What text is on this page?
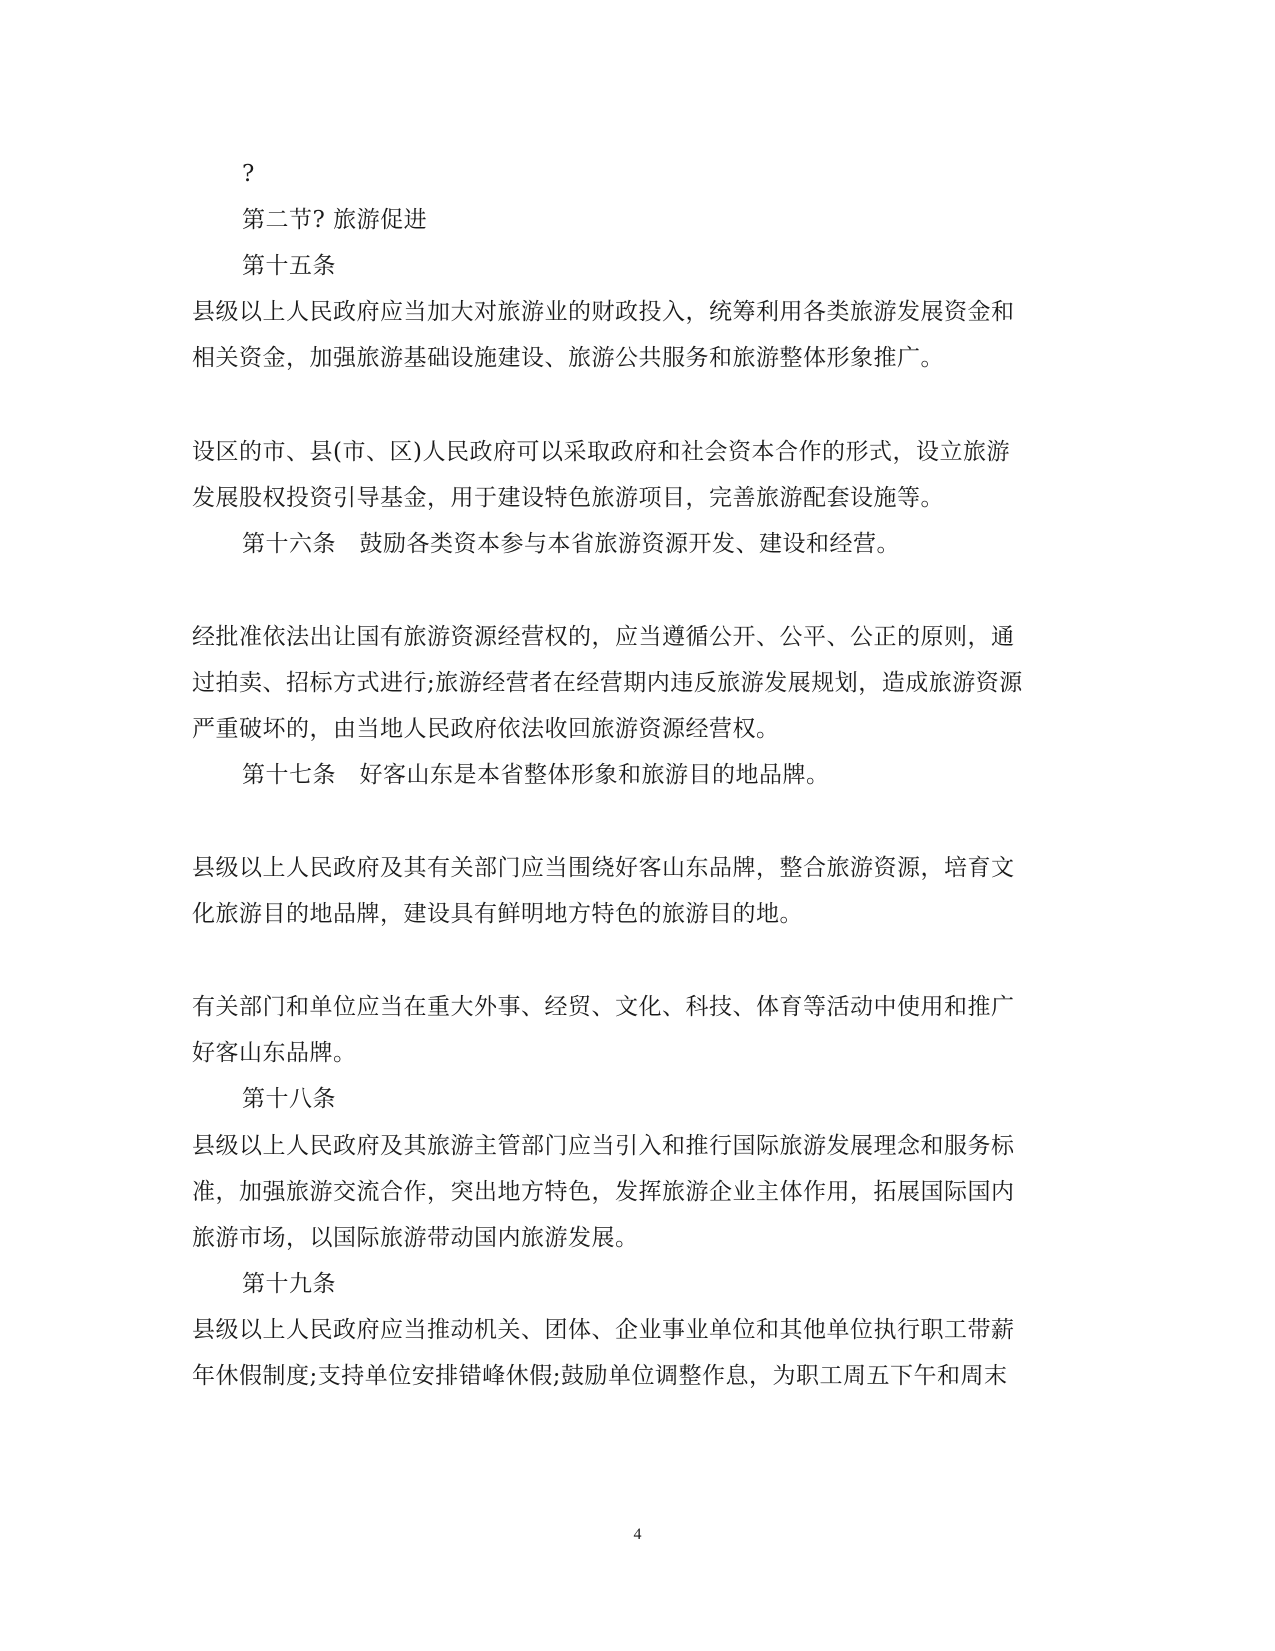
?
第二节? 旅游促进
第十五条
县级以上人民政府应当加大对旅游业的财政投入，统筹利用各类旅游发展资金和
相关资金，加强旅游基础设施建设、旅游公共服务和旅游整体形象推广。
设区的市、县(市、区)人民政府可以采取政府和社会资本合作的形式，设立旅游
发展股权投资引导基金，用于建设特色旅游项目，完善旅游配套设施等。
第十六条　鼓励各类资本参与本省旅游资源开发、建设和经营。
经批准依法出让国有旅游资源经营权的，应当遵循公开、公平、公正的原则，通
过拍卖、招标方式进行;旅游经营者在经营期内违反旅游发展规划，造成旅游资源
严重破坏的，由当地人民政府依法收回旅游资源经营权。
第十七条　好客山东是本省整体形象和旅游目的地品牌。
县级以上人民政府及其有关部门应当围绕好客山东品牌，整合旅游资源，培育文
化旅游目的地品牌，建设具有鲜明地方特色的旅游目的地。
有关部门和单位应当在重大外事、经贸、文化、科技、体育等活动中使用和推广
好客山东品牌。
第十八条
县级以上人民政府及其旅游主管部门应当引入和推行国际旅游发展理念和服务标
准，加强旅游交流合作，突出地方特色，发挥旅游企业主体作用，拓展国际国内
旅游市场，以国际旅游带动国内旅游发展。
第十九条
县级以上人民政府应当推动机关、团体、企业事业单位和其他单位执行职工带薪
年休假制度;支持单位安排错峰休假;鼓励单位调整作息，为职工周五下午和周末
4
